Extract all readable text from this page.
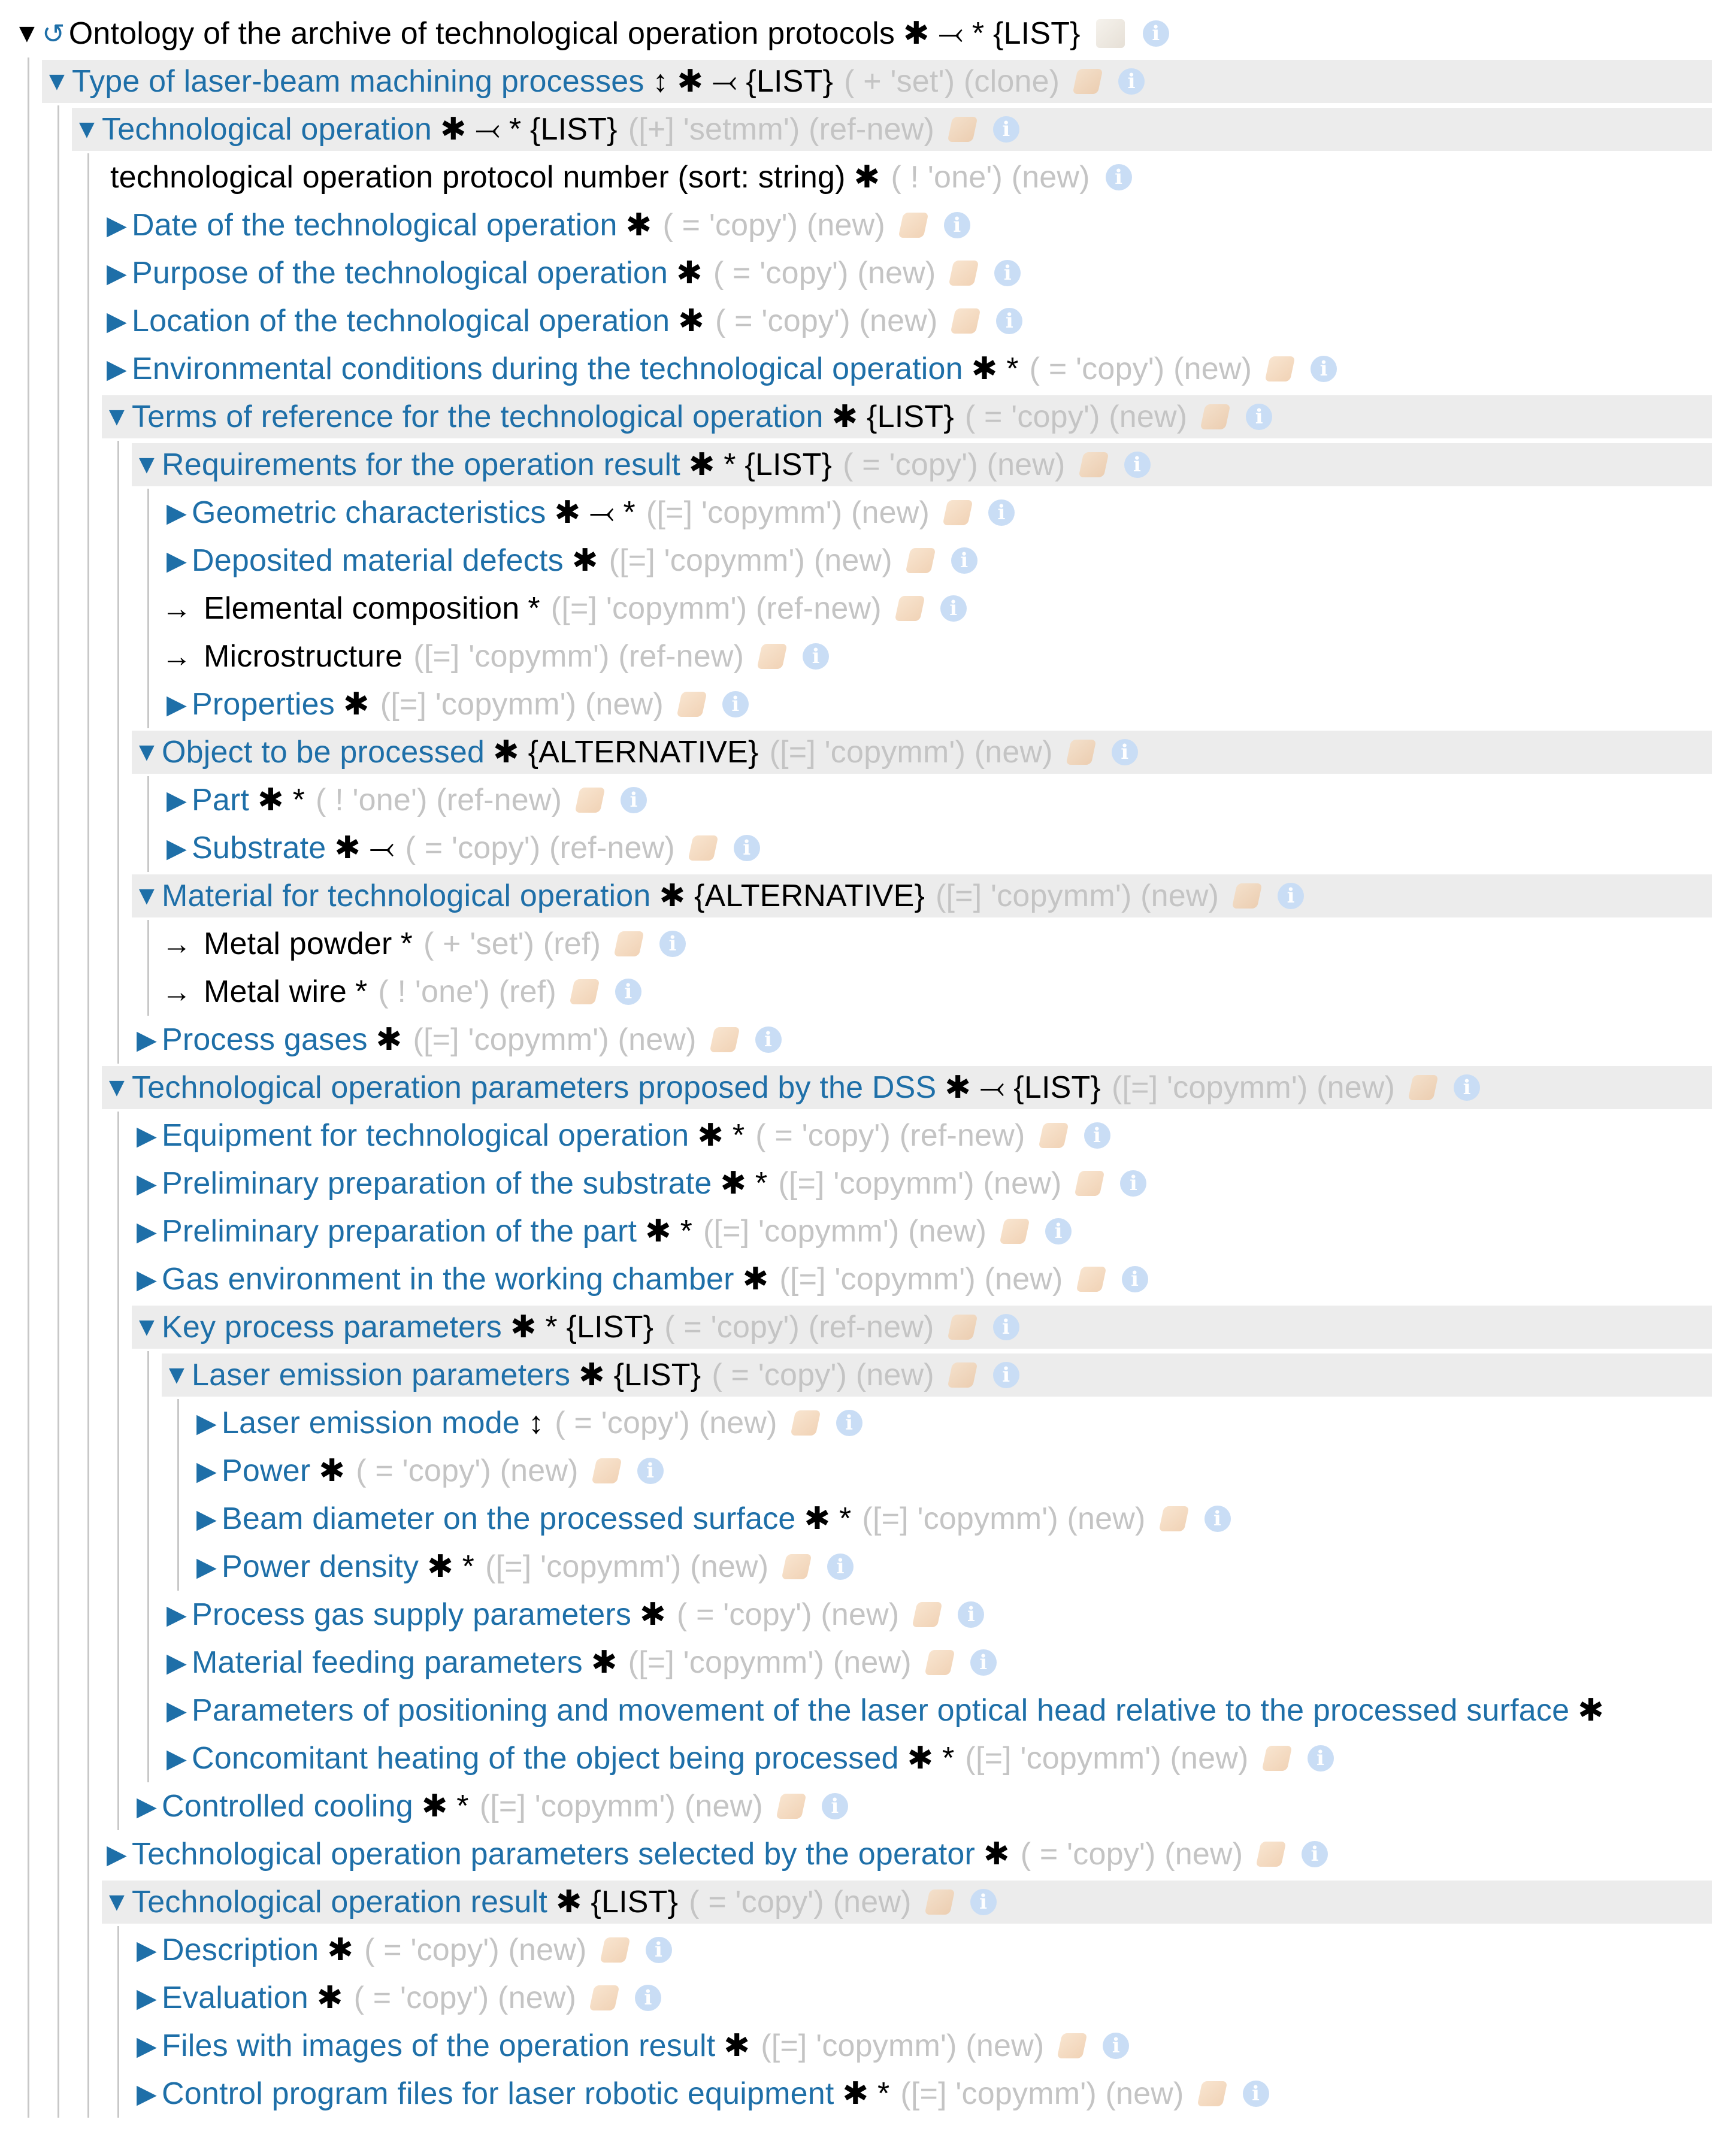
▼ ↺ Ontology of the archive of technological operation protocols ✱ ⤙ * {LIST}	i
▼ Type of laser-beam machining processes ↕ ✱ ⤙ {LIST} ( + 'set') (clone)	i
▼ Technological operation ✱ ⤙ * {LIST} ([+] 'setmm') (ref-new)	i
technological operation protocol number (sort: string) ✱ ( ! 'one') (new)	i
▶ Date of the technological operation ✱ ( = 'copy') (new)	i
▶ Purpose of the technological operation ✱ ( = 'copy') (new)	i
▶ Location of the technological operation ✱ ( = 'copy') (new)	i
▶ Environmental conditions during the technological operation ✱ * ( = 'copy') (new)	i
▼ Terms of reference for the technological operation ✱ {LIST} ( = 'copy') (new)	i
▼ Requirements for the operation result ✱ * {LIST} ( = 'copy') (new)	i
▶ Geometric characteristics ✱ ⤙ * ([=] 'copymm') (new)	i
▶ Deposited material defects ✱ ([=] 'copymm') (new)	i
→ Elemental composition * ([=] 'copymm') (ref-new)	i
→ Microstructure ([=] 'copymm') (ref-new)	i
▶ Properties ✱ ([=] 'copymm') (new)	i
▼ Object to be processed ✱ {ALTERNATIVE} ([=] 'copymm') (new)	i
▶ Part ✱ * ( ! 'one') (ref-new)	i
▶ Substrate ✱ ⤙ ( = 'copy') (ref-new)	i
▼ Material for technological operation ✱ {ALTERNATIVE} ([=] 'copymm') (new)	i
→ Metal powder * ( + 'set') (ref)	i
→ Metal wire * ( ! 'one') (ref)	i
▶ Process gases ✱ ([=] 'copymm') (new)	i
▼ Technological operation parameters proposed by the DSS ✱ ⤙ {LIST} ([=] 'copymm') (new)	i
▶ Equipment for technological operation ✱ * ( = 'copy') (ref-new)	i
▶ Preliminary preparation of the substrate ✱ * ([=] 'copymm') (new)	i
▶ Preliminary preparation of the part ✱ * ([=] 'copymm') (new)	i
▶ Gas environment in the working chamber ✱ ([=] 'copymm') (new)	i
▼ Key process parameters ✱ * {LIST} ( = 'copy') (ref-new)	i
▼ Laser emission parameters ✱ {LIST} ( = 'copy') (new)	i
▶ Laser emission mode ↕ ( = 'copy') (new)	i
▶ Power ✱ ( = 'copy') (new)	i
▶ Beam diameter on the processed surface ✱ * ([=] 'copymm') (new)	i
▶ Power density ✱ * ([=] 'copymm') (new)	i
▶ Process gas supply parameters ✱ ( = 'copy') (new)	i
▶ Material feeding parameters ✱ ([=] 'copymm') (new)	i
▶ Parameters of positioning and movement of the laser optical head relative to the processed surface ✱
▶ Concomitant heating of the object being processed ✱ * ([=] 'copymm') (new)	i
▶ Controlled cooling ✱ * ([=] 'copymm') (new)	i
▶ Technological operation parameters selected by the operator ✱ ( = 'copy') (new)	i
▼ Technological operation result ✱ {LIST} ( = 'copy') (new)	i
▶ Description ✱ ( = 'copy') (new)	i
▶ Evaluation ✱ ( = 'copy') (new)	i
▶ Files with images of the operation result ✱ ([=] 'copymm') (new)	i
▶ Control program files for laser robotic equipment ✱ * ([=] 'copymm') (new)	i
